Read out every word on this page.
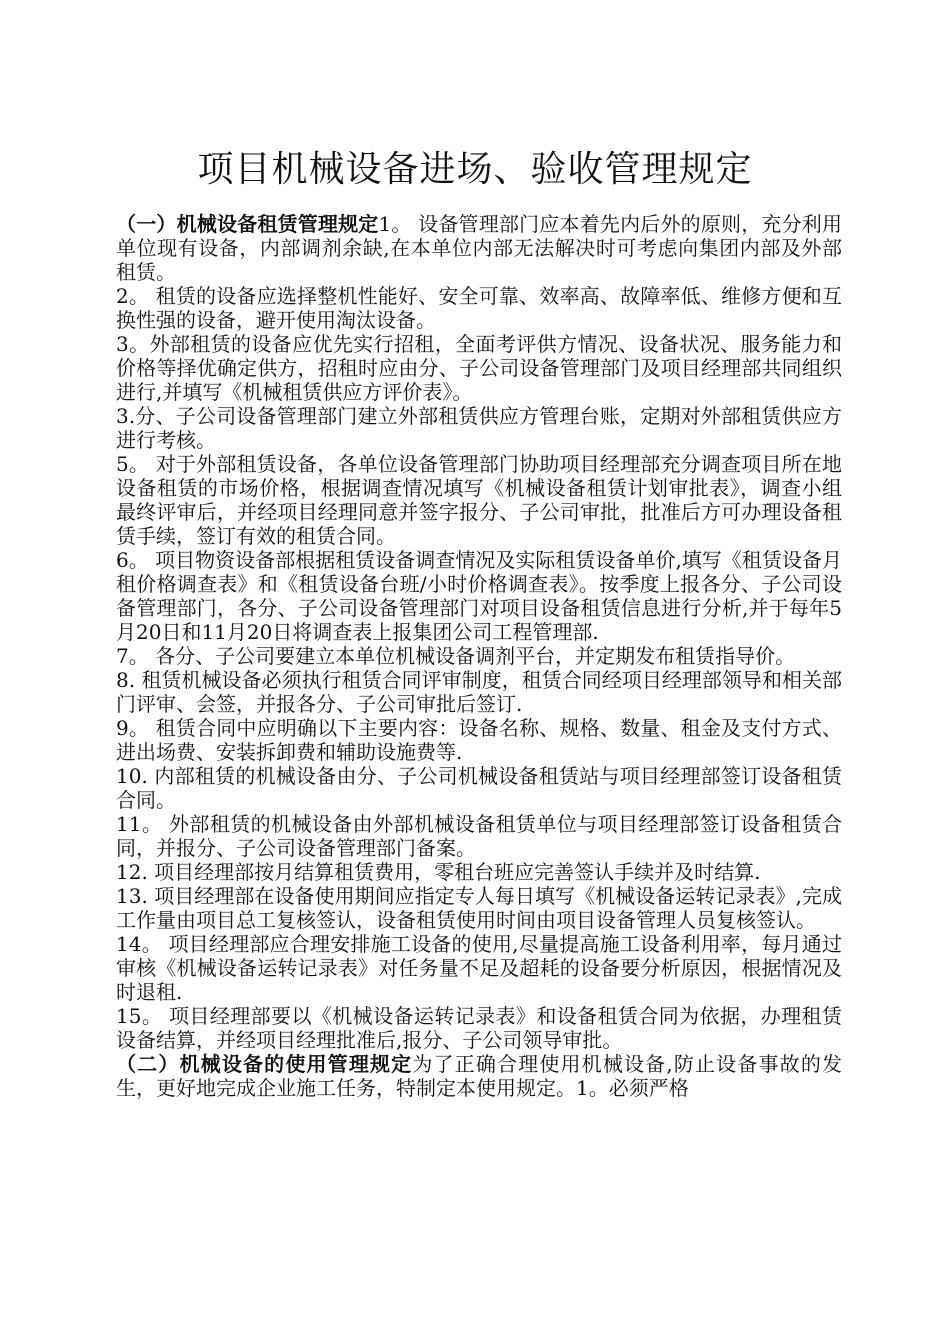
项目机械设备进场、验收管理规定

（一）机械设备租赁管理规定1。 设备管理部门应本着先内后外的原则，充分利用单位现有设备，内部调剂余缺,在本单位内部无法解决时可考虑向集团内部及外部租赁。

2。 租赁的设备应选择整机性能好、安全可靠、效率高、故障率低、维修方便和互换性强的设备，避开使用淘汰设备。

3。外部租赁的设备应优先实行招租，全面考评供方情况、设备状况、服务能力和价格等择优确定供方，招租时应由分、子公司设备管理部门及项目经理部共同组织进行,并填写《机械租赁供应方评价表》。

3.分、子公司设备管理部门建立外部租赁供应方管理台账，定期对外部租赁供应方进行考核。

5。 对于外部租赁设备，各单位设备管理部门协助项目经理部充分调查项目所在地设备租赁的市场价格，根据调查情况填写《机械设备租赁计划审批表》，调查小组最终评审后，并经项目经理同意并签字报分、子公司审批，批准后方可办理设备租赁手续，签订有效的租赁合同。

6。 项目物资设备部根据租赁设备调查情况及实际租赁设备单价,填写《租赁设备月租价格调查表》和《租赁设备台班/小时价格调查表》。按季度上报各分、子公司设备管理部门，各分、子公司设备管理部门对项目设备租赁信息进行分析,并于每年5月20日和11月20日将调查表上报集团公司工程管理部.

7。 各分、子公司要建立本单位机械设备调剂平台，并定期发布租赁指导价。

8. 租赁机械设备必须执行租赁合同评审制度，租赁合同经项目经理部领导和相关部门评审、会签，并报各分、子公司审批后签订.

9。 租赁合同中应明确以下主要内容：设备名称、规格、数量、租金及支付方式、进出场费、安装拆卸费和辅助设施费等.

10. 内部租赁的机械设备由分、子公司机械设备租赁站与项目经理部签订设备租赁合同。

11。 外部租赁的机械设备由外部机械设备租赁单位与项目经理部签订设备租赁合同，并报分、子公司设备管理部门备案。

12. 项目经理部按月结算租赁费用，零租台班应完善签认手续并及时结算.

13. 项目经理部在设备使用期间应指定专人每日填写《机械设备运转记录表》,完成工作量由项目总工复核签认，设备租赁使用时间由项目设备管理人员复核签认。

14。 项目经理部应合理安排施工设备的使用,尽量提高施工设备利用率，每月通过审核《机械设备运转记录表》对任务量不足及超耗的设备要分析原因，根据情况及时退租.

15。 项目经理部要以《机械设备运转记录表》和设备租赁合同为依据，办理租赁设备结算，并经项目经理批准后,报分、子公司领导审批。

（二）机械设备的使用管理规定为了正确合理使用机械设备,防止设备事故的发生，更好地完成企业施工任务，特制定本使用规定。1。必须严格
